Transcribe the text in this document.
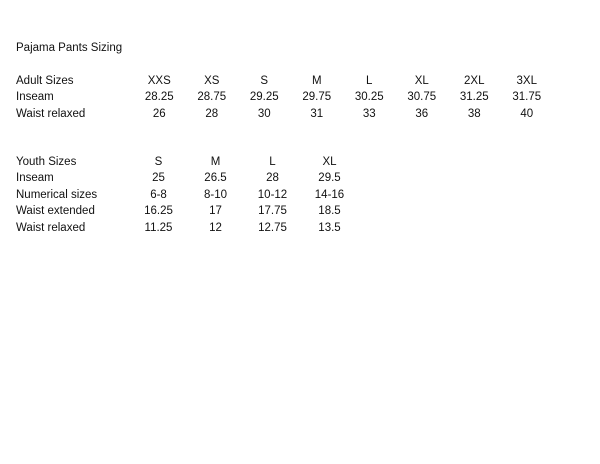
Pajama Pants Sizing
Adult Sizes	XXS	XS	S	M	L	XL	2XL	3XL
Inseam	28.25	28.75	29.25	29.75	30.25	30.75	31.25	31.75
Waist relaxed	26	28	30	31	33	36	38	40
Youth Sizes	S	M	L	XL
Inseam	25	26.5	28	29.5
Numerical sizes	6-8	8-10	10-12	14-16
Waist extended	16.25	17	17.75	18.5
Waist relaxed	11.25	12	12.75	13.5
